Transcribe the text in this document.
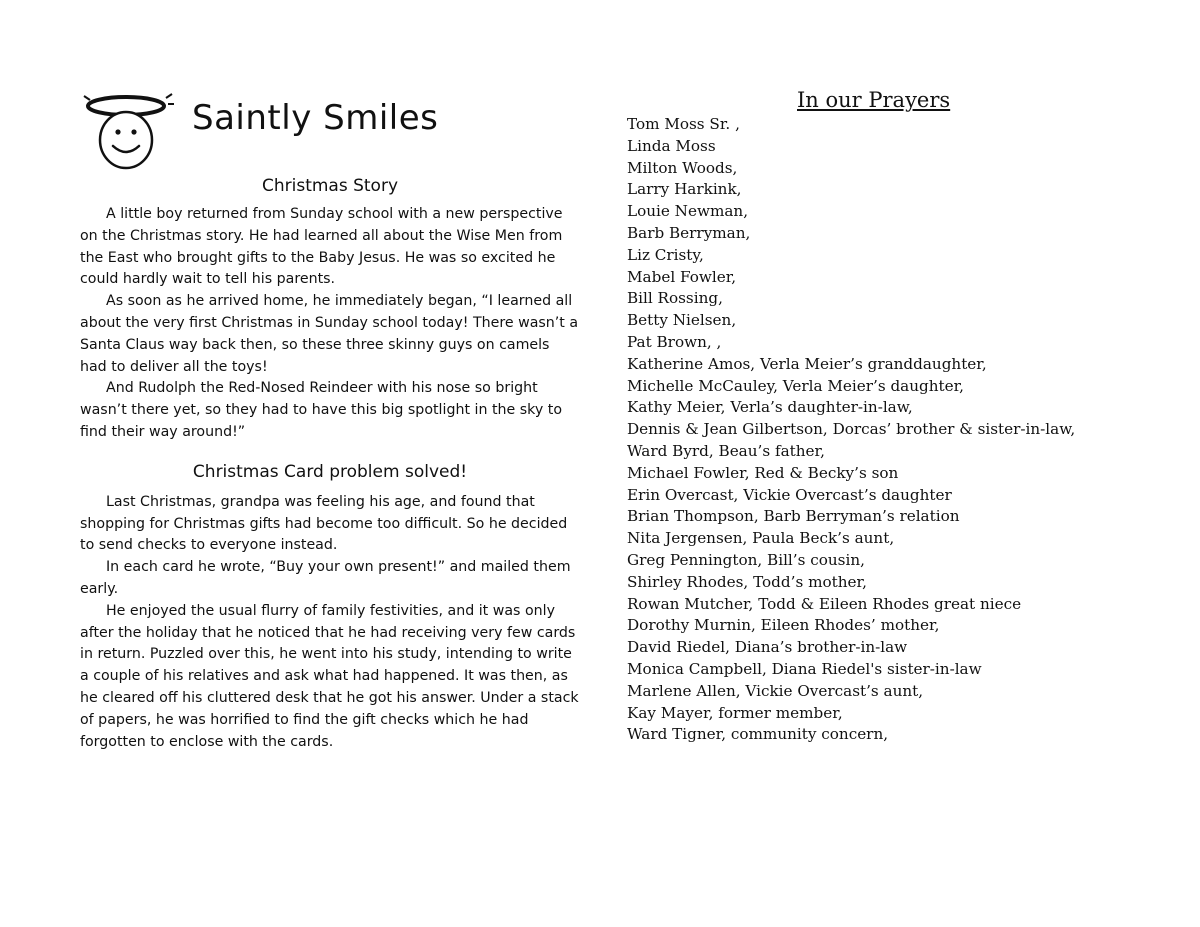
Saintly Smiles
Christmas Story

A little boy returned from Sunday school with a new perspective on the Christmas story. He had learned all about the Wise Men from the East who brought gifts to the Baby Jesus. He was so excited he could hardly wait to tell his parents.

As soon as he arrived home, he immediately began, “I learned all about the very first Christmas in Sunday school today! There wasn’t a Santa Claus way back then, so these three skinny guys on camels had to deliver all the toys!

And Rudolph the Red-Nosed Reindeer with his nose so bright wasn’t there yet, so they had to have this big spotlight in the sky to find their way around!”

Christmas Card problem solved!

Last Christmas, grandpa was feeling his age, and found that shopping for Christmas gifts had become too difficult. So he decided to send checks to everyone instead.

In each card he wrote, “Buy your own present!” and mailed them early.

He enjoyed the usual flurry of family festivities, and it was only after the holiday that he noticed that he had receiving very few cards in return. Puzzled over this, he went into his study, intending to write a couple of his relatives and ask what had happened. It was then, as he cleared off his cluttered desk that he got his answer. Under a stack of papers, he was horrified to find the gift checks which he had forgotten to enclose with the cards.

In our Prayers
Tom Moss Sr. ,
Linda Moss
Milton Woods,
Larry Harkink,
Louie Newman,
Barb Berryman,
Liz Cristy,
Mabel Fowler,
Bill Rossing,
Betty Nielsen,
Pat Brown, ,
Katherine Amos, Verla Meier’s granddaughter,
Michelle McCauley, Verla Meier’s daughter,
Kathy Meier, Verla’s daughter-in-law,
Dennis & Jean Gilbertson, Dorcas’ brother & sister-in-law,
Ward Byrd, Beau’s father,
Michael Fowler, Red & Becky’s son
Erin Overcast, Vickie Overcast’s daughter
Brian Thompson, Barb Berryman’s relation
Nita Jergensen, Paula Beck’s aunt,
Greg Pennington, Bill’s cousin,
Shirley Rhodes, Todd’s mother,
Rowan Mutcher, Todd & Eileen Rhodes great niece
Dorothy Murnin, Eileen Rhodes’ mother,
David Riedel, Diana’s brother-in-law
Monica Campbell, Diana Riedel's sister-in-law
Marlene Allen, Vickie Overcast’s aunt,
Kay Mayer, former member,
Ward Tigner, community concern,
